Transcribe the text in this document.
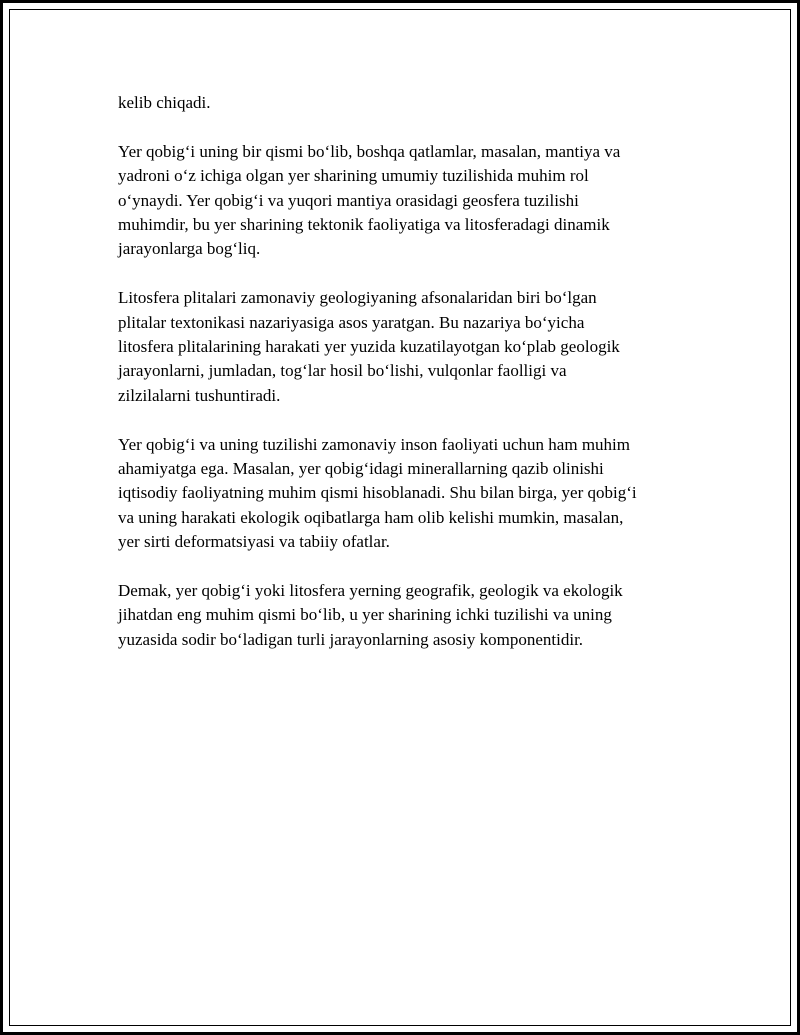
kelib chiqadi.

Yer qobig‘i uning bir qismi bo‘lib, boshqa qatlamlar, masalan, mantiya va
yadroni o‘z ichiga olgan yer sharining umumiy tuzilishida muhim rol
o‘ynaydi. Yer qobig‘i va yuqori mantiya orasidagi geosfera tuzilishi
muhimdir, bu yer sharining tektonik faoliyatiga va litosferadagi dinamik
jarayonlarga bog‘liq.

Litosfera plitalari zamonaviy geologiyaning afsonalaridan biri bo‘lgan
plitalar textonikasi nazariyasiga asos yaratgan. Bu nazariya bo‘yicha
litosfera plitalarining harakati yer yuzida kuzatilayotgan ko‘plab geologik
jarayonlarni, jumladan, tog‘lar hosil bo‘lishi, vulqonlar faolligi va
zilzilalarni tushuntiradi.

Yer qobig‘i va uning tuzilishi zamonaviy inson faoliyati uchun ham muhim
ahamiyatga ega. Masalan, yer qobig‘idagi minerallarning qazib olinishi
iqtisodiy faoliyatning muhim qismi hisoblanadi. Shu bilan birga, yer qobig‘i
va uning harakati ekologik oqibatlarga ham olib kelishi mumkin, masalan,
yer sirti deformatsiyasi va tabiiy ofatlar.

Demak, yer qobig‘i yoki litosfera yerning geografik, geologik va ekologik
jihatdan eng muhim qismi bo‘lib, u yer sharining ichki tuzilishi va uning
yuzasida sodir bo‘ladigan turli jarayonlarning asosiy komponentidir.
